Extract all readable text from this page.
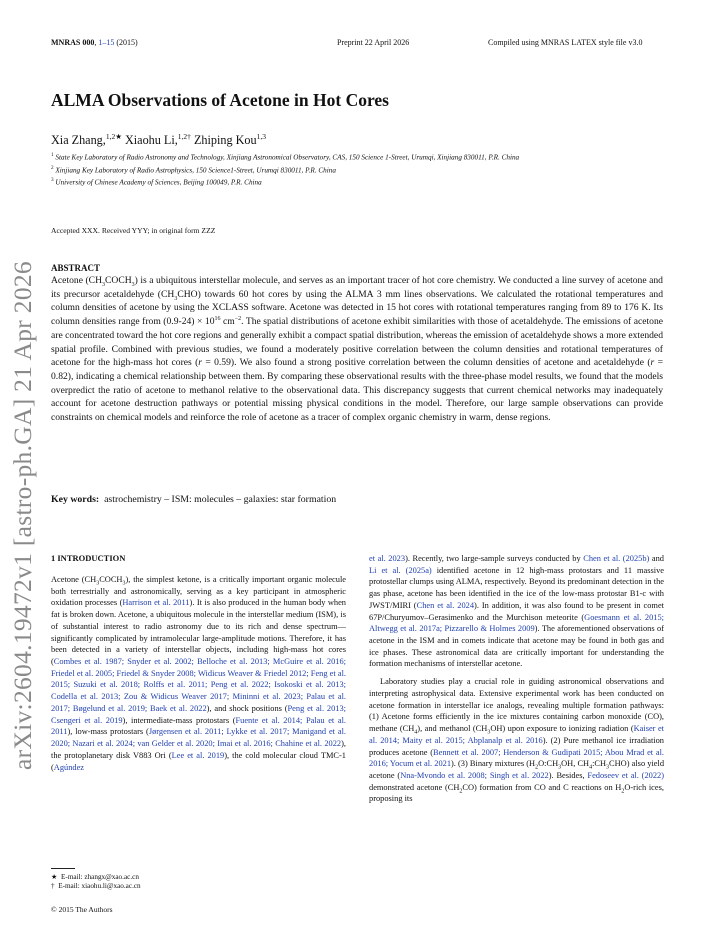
MNRAS 000, 1–15 (2015)	Preprint 22 April 2026	Compiled using MNRAS LATEX style file v3.0
arXiv:2604.19472v1 [astro-ph.GA] 21 Apr 2026
ALMA Observations of Acetone in Hot Cores
Xia Zhang,$^{1,2★}$ Xiaohu Li,$^{1,2\dagger}$ Zhiping Kou$^{1,3}$
$^1$ State Key Laboratory of Radio Astronomy and Technology, Xinjiang Astronomical Observatory, CAS, 150 Science 1-Street, Urumqi, Xinjiang 830011, P.R. China
$^2$ Xinjiang Key Laboratory of Radio Astrophysics, 150 Science1-Street, Urumqi 830011, P.R. China
$^3$ University of Chinese Academy of Sciences, Beijing 100049, P.R. China
Accepted XXX. Received YYY; in original form ZZZ
ABSTRACT
Acetone $(CH_3COCH_3)$ is a ubiquitous interstellar molecule, and serves as an important tracer of hot core chemistry. We conducted a line survey of acetone and its precursor acetaldehyde $(CH_3CHO)$ towards 60 hot cores by using the ALMA 3 mm lines observations. We calculated the rotational temperatures and column densities of acetone by using the XCLASS software. Acetone was detected in 15 hot cores with rotational temperatures ranging from 89 to 176 K. Its column densities range from $(0.9-24) \times 10^{16}$ $cm^{-2}$. The spatial distributions of acetone exhibit similarities with those of acetaldehyde. The emissions of acetone are concentrated toward the hot core regions and generally exhibit a compact spatial distribution, whereas the emission of acetaldehyde shows a more extended spatial profile. Combined with previous studies, we found a moderately positive correlation between the column densities and rotational temperatures of acetone for the high-mass hot cores (r = 0.59). We also found a strong positive correlation between the column densities of acetone and acetaldehyde (r = 0.82), indicating a chemical relationship between them. By comparing these observational results with the three-phase model results, we found that the models overpredict the ratio of acetone to methanol relative to the observational data. This discrepancy suggests that current chemical networks may inadequately account for acetone destruction pathways or potential missing physical conditions in the model. Therefore, our large sample observations can provide constraints on chemical models and reinforce the role of acetone as a tracer of complex organic chemistry in warm, dense regions.
Key words: astrochemistry – ISM: molecules – galaxies: star formation
1 INTRODUCTION

Acetone $(CH_3COCH_3)$, the simplest ketone, is a critically important organic molecule both terrestrially and astronomically, serving as a key participant in atmospheric oxidation processes (Harrison et al. 2011). It is also produced in the human body when fat is broken down. Acetone, a ubiquitous molecule in the interstellar medium (ISM), is of substantial interest to radio astronomy due to its rich and dense spectrum—significantly complicated by intramolecular large-amplitude motions. Therefore, it has been detected in a variety of interstellar objects, including high-mass hot cores (Combes et al. 1987; Snyder et al. 2002; Belloche et al. 2013; McGuire et al. 2016; Friedel et al. 2005; Friedel & Snyder 2008; Widicus Weaver & Friedel 2012; Feng et al. 2015; Suzuki et al. 2018; Rolffs et al. 2011; Peng et al. 2022; Isokoski et al. 2013; Codella et al. 2013; Zou & Widicus Weaver 2017; Mininni et al. 2023; Palau et al. 2017; Bøgelund et al. 2019; Baek et al. 2022), and shock positions (Peng et al. 2013; Csengeri et al. 2019), intermediate-mass protostars (Fuente et al. 2014; Palau et al. 2011), low-mass protostars (Jørgensen et al. 2011; Lykke et al. 2017; Manigand et al. 2020; Nazari et al. 2024; van Gelder et al. 2020; Imai et al. 2016; Chahine et al. 2022), the protoplanetary disk V883 Ori (Lee et al. 2019), the cold molecular cloud TMC-1 (Agúndez

et al. 2023). Recently, two large-sample surveys conducted by Chen et al. (2025b) and Li et al. (2025a) identified acetone in 12 high-mass protostars and 11 massive protostellar clumps using ALMA, respectively. Beyond its predominant detection in the gas phase, acetone has been identified in the ice of the low-mass protostar B1-c with JWST/MIRI (Chen et al. 2024). In addition, it was also found to be present in comet 67P/Churyumov–Gerasimenko and the Murchison meteorite (Goesmann et al. 2015; Altwegg et al. 2017a; Pizzarello & Holmes 2009). The aforementioned observations of acetone in the ISM and in comets indicate that acetone may be found in both gas and ice phases. These astronomical data are critically important for understanding the formation mechanisms of interstellar acetone.

Laboratory studies play a crucial role in guiding astronomical observations and interpreting astrophysical data. Extensive experimental work has been conducted on acetone formation in interstellar ice analogs, revealing multiple formation pathways: (1) Acetone forms efficiently in the ice mixtures containing carbon monoxide (CO), methane $(CH_4)$, and methanol $(CH_3OH)$ upon exposure to ionizing radiation (Kaiser et al. 2014; Maity et al. 2015; Abplanalp et al. 2016). (2) Pure methanol ice irradiation produces acetone (Bennett et al. 2007; Henderson & Gudipati 2015; Abou Mrad et al. 2016; Yocum et al. 2021). (3) Binary mixtures ($H_2O:CH_3OH$, $CH_4:CH_3CHO$) also yield acetone (Nna-Mvondo et al. 2008; Singh et al. 2022). Besides, Fedoseev et al. (2022) demonstrated acetone $(CH_2CO)$ formation from CO and C reactions on $H_2O$-rich ices, proposing its

★ E-mail: zhangx@xao.ac.cn
† E-mail: xiaohu.li@xao.ac.cn
© 2015 The Authors
